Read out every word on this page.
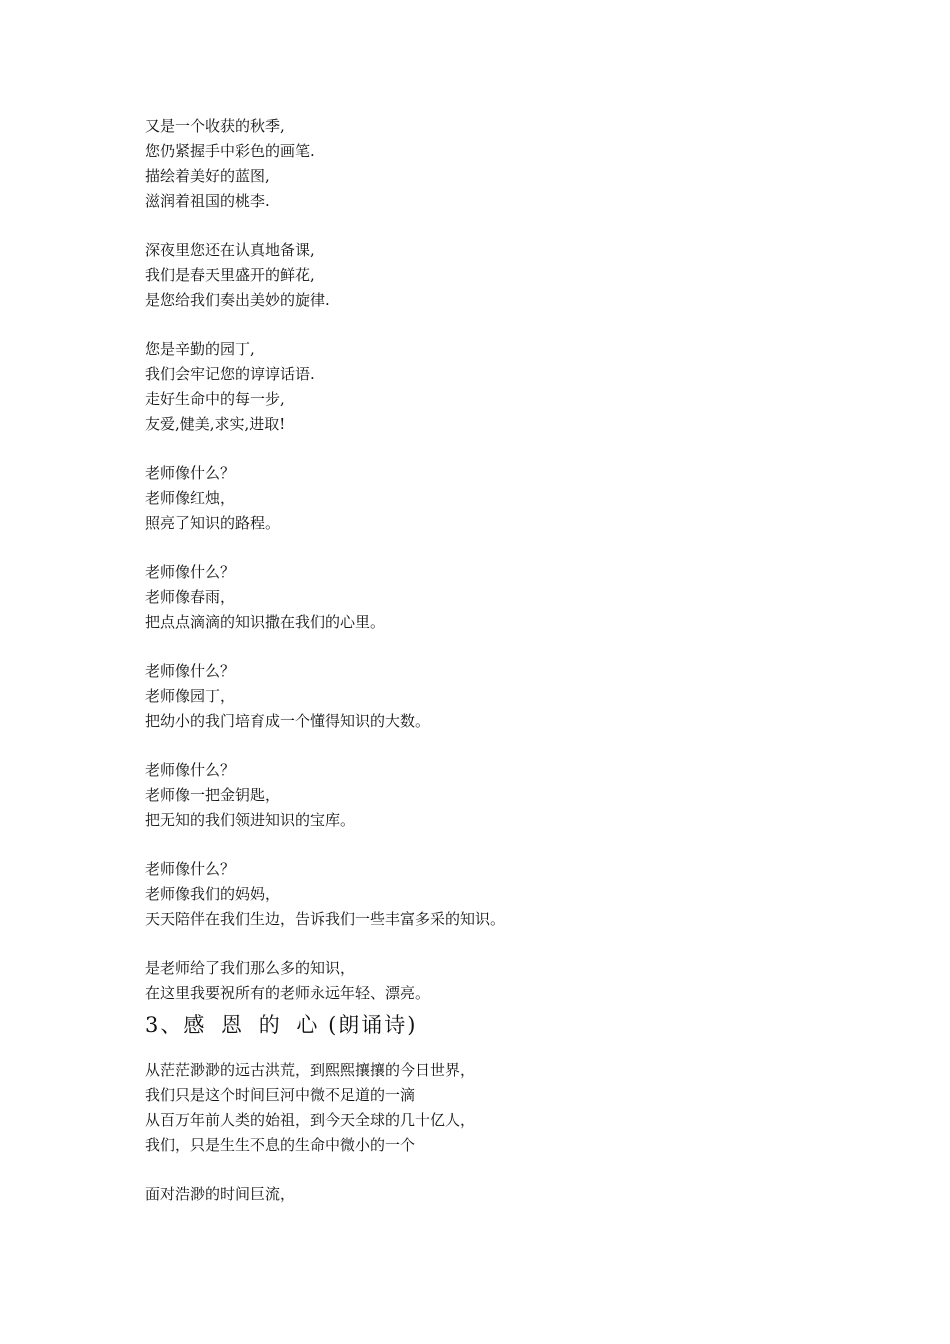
又是一个收获的秋季,
您仍紧握手中彩色的画笔.
描绘着美好的蓝图,
滋润着祖国的桃李.
深夜里您还在认真地备课,
我们是春天里盛开的鲜花,
是您给我们奏出美妙的旋律.
您是辛勤的园丁,
我们会牢记您的谆谆话语.
走好生命中的每一步,
友爱,健美,求实,进取!
老师像什么？
老师像红烛，
照亮了知识的路程。
老师像什么？
老师像春雨，
把点点滴滴的知识撒在我们的心里。
老师像什么？
老师像园丁，
把幼小的我门培育成一个懂得知识的大数。
老师像什么？
老师像一把金钥匙，
把无知的我们领进知识的宝库。
老师像什么？
老师像我们的妈妈，
天天陪伴在我们生边，告诉我们一些丰富多采的知识。
是老师给了我们那么多的知识，
在这里我要祝所有的老师永远年轻、漂亮。
3、感 恩 的 心 (朗诵诗)
从茫茫渺渺的远古洪荒，到熙熙攘攘的今日世界，
我们只是这个时间巨河中微不足道的一滴
从百万年前人类的始祖，到今天全球的几十亿人，
我们，只是生生不息的生命中微小的一个
面对浩渺的时间巨流，
